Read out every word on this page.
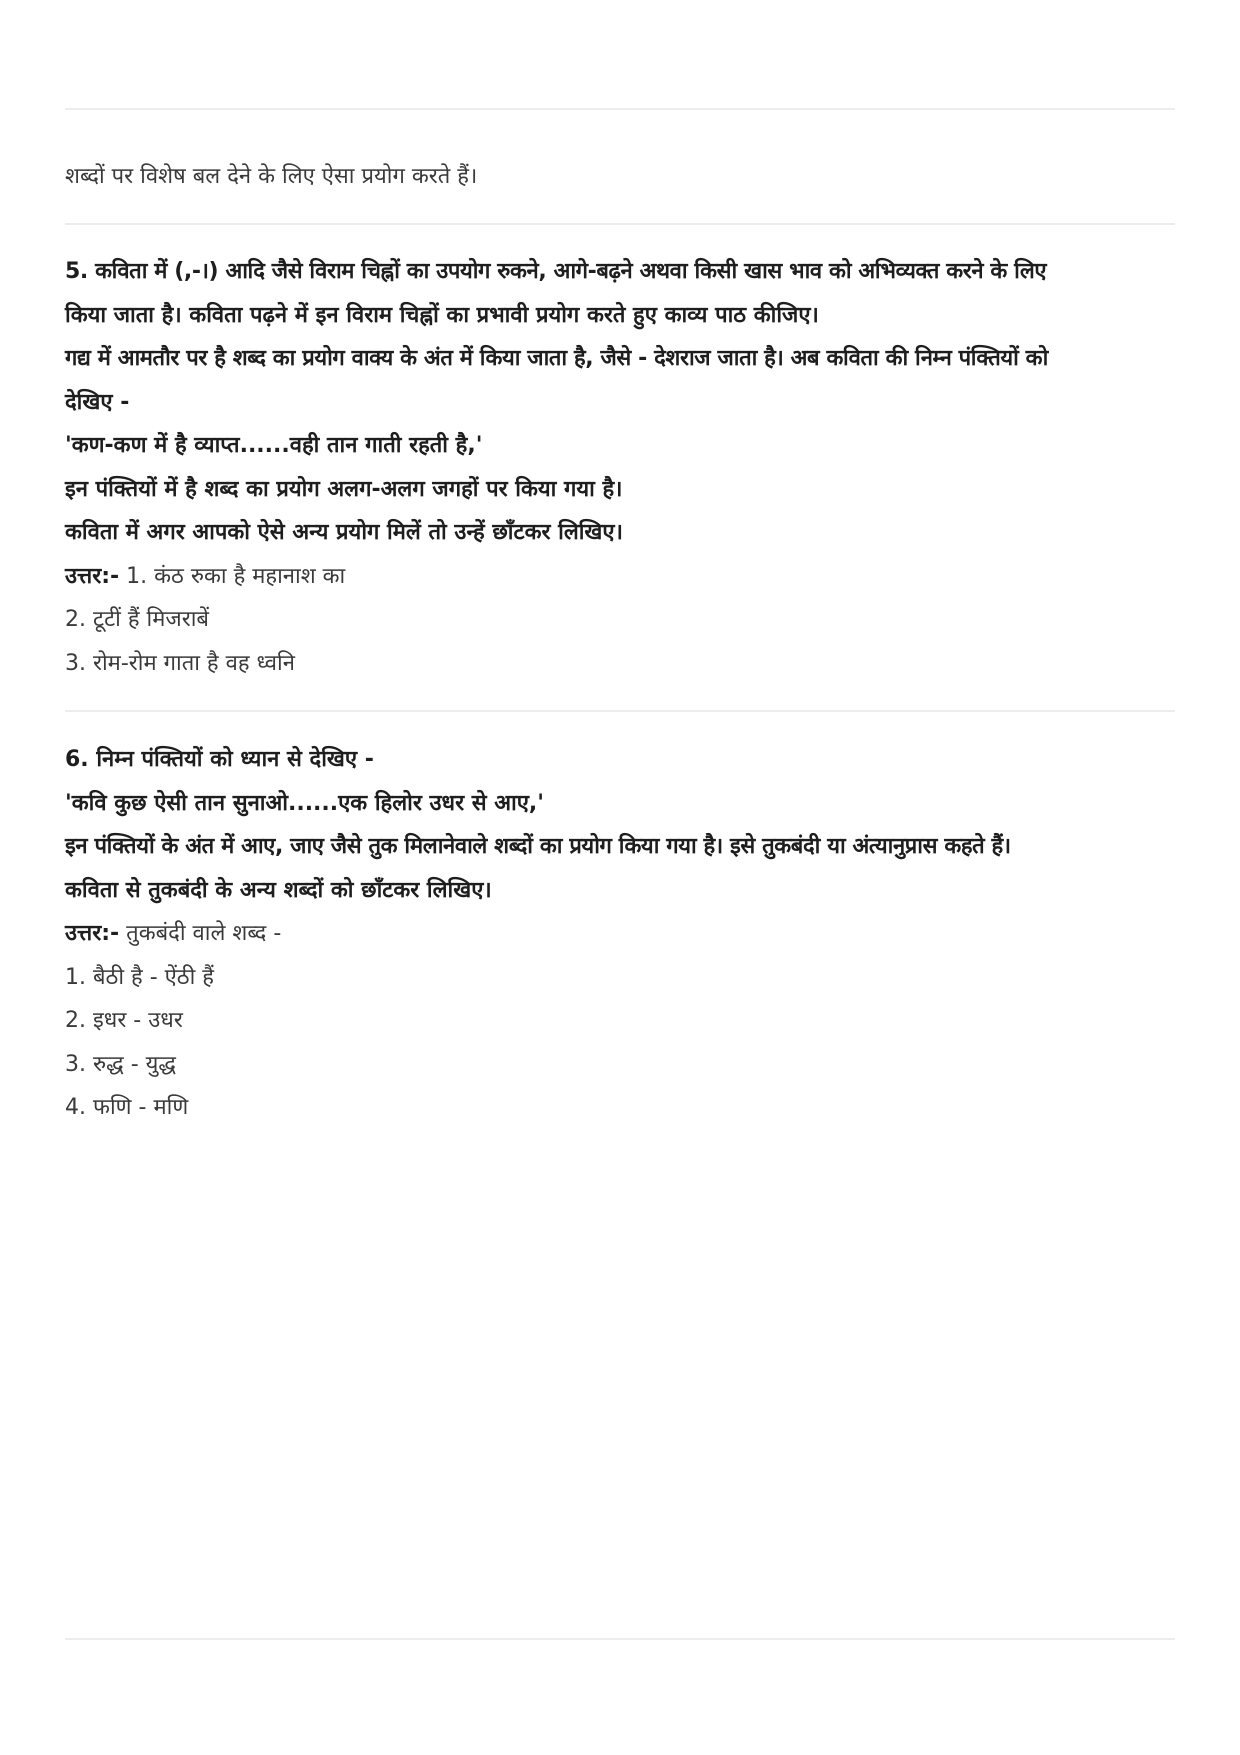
शब्दों पर विशेष बल देने के लिए ऐसा प्रयोग करते हैं।
5. कविता में (,-।) आदि जैसे विराम चिह्नों का उपयोग रुकने, आगे-बढ़ने अथवा किसी खास भाव को अभिव्यक्त करने के लिए
किया जाता है। कविता पढ़ने में इन विराम चिह्नों का प्रभावी प्रयोग करते हुए काव्य पाठ कीजिए।
गद्य में आमतौर पर है शब्द का प्रयोग वाक्य के अंत में किया जाता है, जैसे - देशराज जाता है। अब कविता की निम्न पंक्तियों को
देखिए -
'कण-कण में है व्याप्त......वही तान गाती रहती है,'
इन पंक्तियों में है शब्द का प्रयोग अलग-अलग जगहों पर किया गया है।
कविता में अगर आपको ऐसे अन्य प्रयोग मिलें तो उन्हें छाँटकर लिखिए।
उत्तर:- 1. कंठ रुका है महानाश का
2. टूटीं हैं मिजराबें
3. रोम-रोम गाता है वह ध्वनि
6. निम्न पंक्तियों को ध्यान से देखिए -
'कवि कुछ ऐसी तान सुनाओ......एक हिलोर उधर से आए,'
इन पंक्तियों के अंत में आए, जाए जैसे तुक मिलानेवाले शब्दों का प्रयोग किया गया है। इसे तुकबंदी या अंत्यानुप्रास कहते हैं।
कविता से तुकबंदी के अन्य शब्दों को छाँटकर लिखिए।
उत्तर:- तुकबंदी वाले शब्द -
1. बैठी है - ऐंठी हैं
2. इधर - उधर
3. रुद्ध - युद्ध
4. फणि - मणि
